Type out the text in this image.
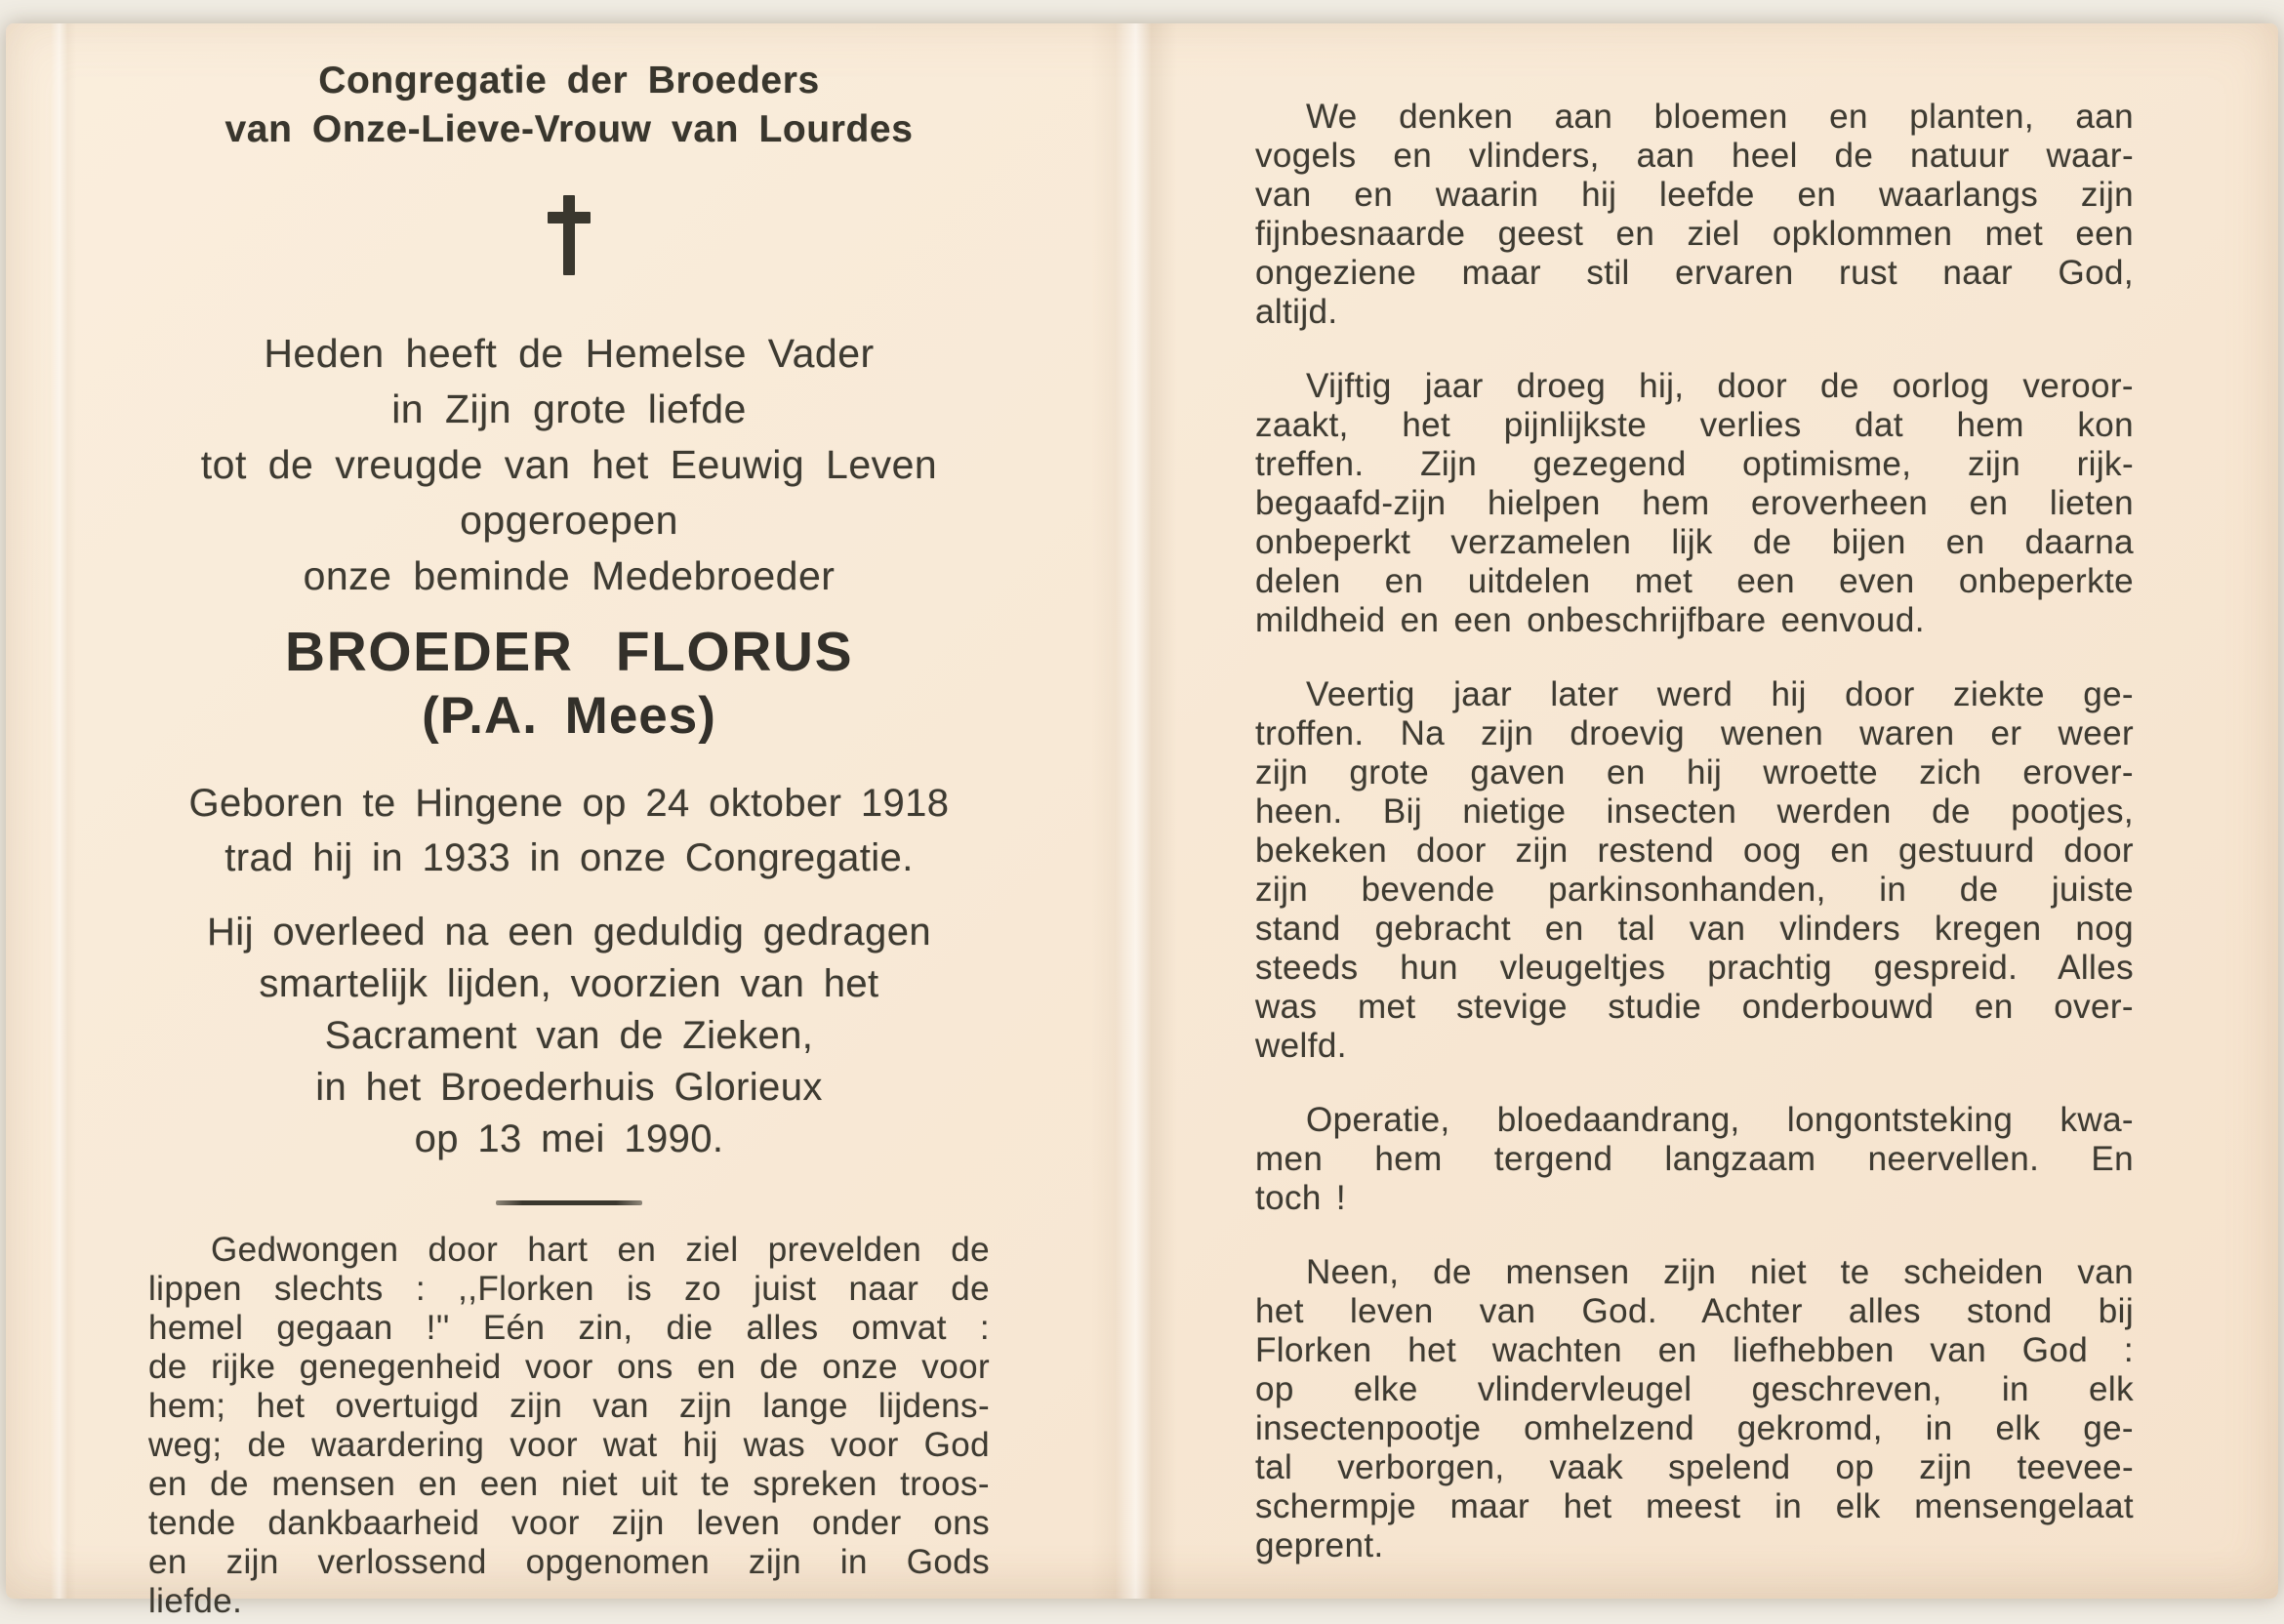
Congregatie der Broeders
van Onze-Lieve-Vrouw van Lourdes
Heden heeft de Hemelse Vader
in Zijn grote liefde
tot de vreugde van het Eeuwig Leven
opgeroepen
onze beminde Medebroeder
BROEDER FLORUS
(P.A. Mees)
Geboren te Hingene op 24 oktober 1918
trad hij in 1933 in onze Congregatie.
Hij overleed na een geduldig gedragen
smartelijk lijden, voorzien van het
Sacrament van de Zieken,
in het Broederhuis Glorieux
op 13 mei 1990.
Gedwongen door hart en ziel prevelden de
lippen slechts : ,,Florken is zo juist naar de
hemel gegaan !'' Eén zin, die alles omvat :
de rijke genegenheid voor ons en de onze voor
hem; het overtuigd zijn van zijn lange lijdens-
weg; de waardering voor wat hij was voor God
en de mensen en een niet uit te spreken troos-
tende dankbaarheid voor zijn leven onder ons
en zijn verlossend opgenomen zijn in Gods
liefde.
We denken aan bloemen en planten, aan
vogels en vlinders, aan heel de natuur waar-
van en waarin hij leefde en waarlangs zijn
fijnbesnaarde geest en ziel opklommen met een
ongeziene maar stil ervaren rust naar God,
altijd.
Vijftig jaar droeg hij, door de oorlog veroor-
zaakt, het pijnlijkste verlies dat hem kon
treffen. Zijn gezegend optimisme, zijn rijk-
begaafd-zijn hielpen hem eroverheen en lieten
onbeperkt verzamelen lijk de bijen en daarna
delen en uitdelen met een even onbeperkte
mildheid en een onbeschrijfbare eenvoud.
Veertig jaar later werd hij door ziekte ge-
troffen. Na zijn droevig wenen waren er weer
zijn grote gaven en hij wroette zich erover-
heen. Bij nietige insecten werden de pootjes,
bekeken door zijn restend oog en gestuurd door
zijn bevende parkinsonhanden, in de juiste
stand gebracht en tal van vlinders kregen nog
steeds hun vleugeltjes prachtig gespreid. Alles
was met stevige studie onderbouwd en over-
welfd.
Operatie, bloedaandrang, longontsteking kwa-
men hem tergend langzaam neervellen. En
toch !
Neen, de mensen zijn niet te scheiden van
het leven van God. Achter alles stond bij
Florken het wachten en liefhebben van God :
op elke vlindervleugel geschreven, in elk
insectenpootje omhelzend gekromd, in elk ge-
tal verborgen, vaak spelend op zijn teevee-
schermpje maar het meest in elk mensengelaat
geprent.
